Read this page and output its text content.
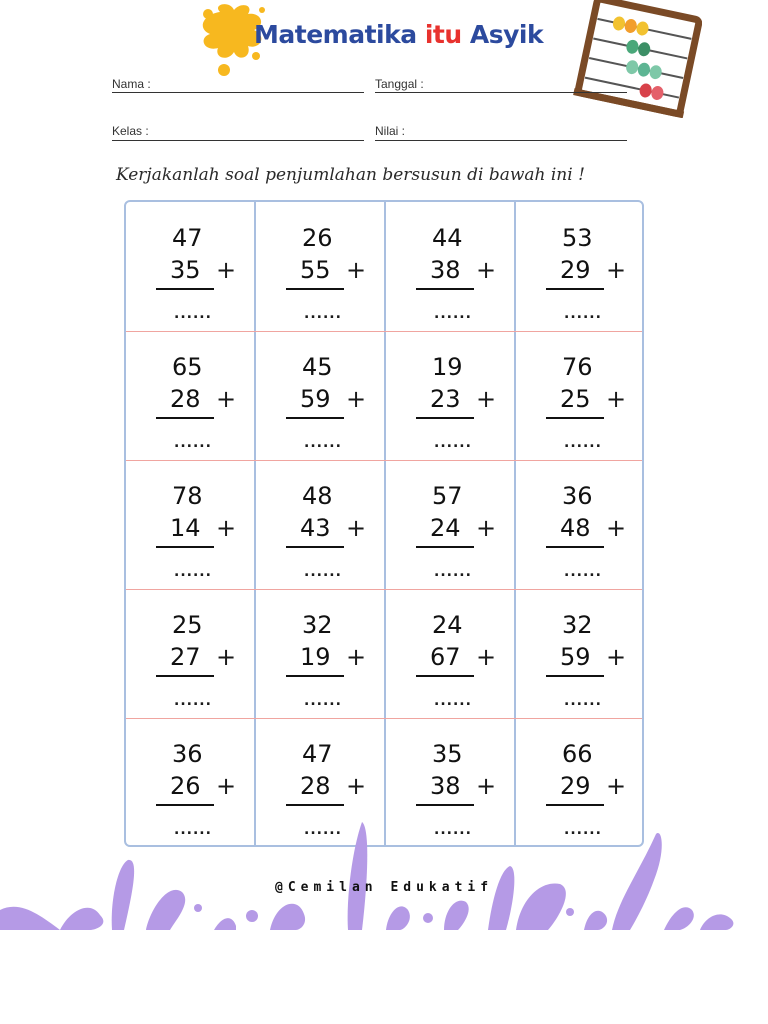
Matematika itu Asyik
Nama :	Tanggal :
Kelas :	Nilai :
Kerjakanlah soal penjumlahan bersusun di bawah ini !
47
35 +
......
26
55 +
......
44
38 +
......
53
29 +
......
65
28 +
......
45
59 +
......
19
23 +
......
76
25 +
......
78
14 +
......
48
43 +
......
57
24 +
......
36
48 +
......
25
27 +
......
32
19 +
......
24
67 +
......
32
59 +
......
36
26 +
......
47
28 +
......
35
38 +
......
66
29 +
......
@Cemilan Edukatif
